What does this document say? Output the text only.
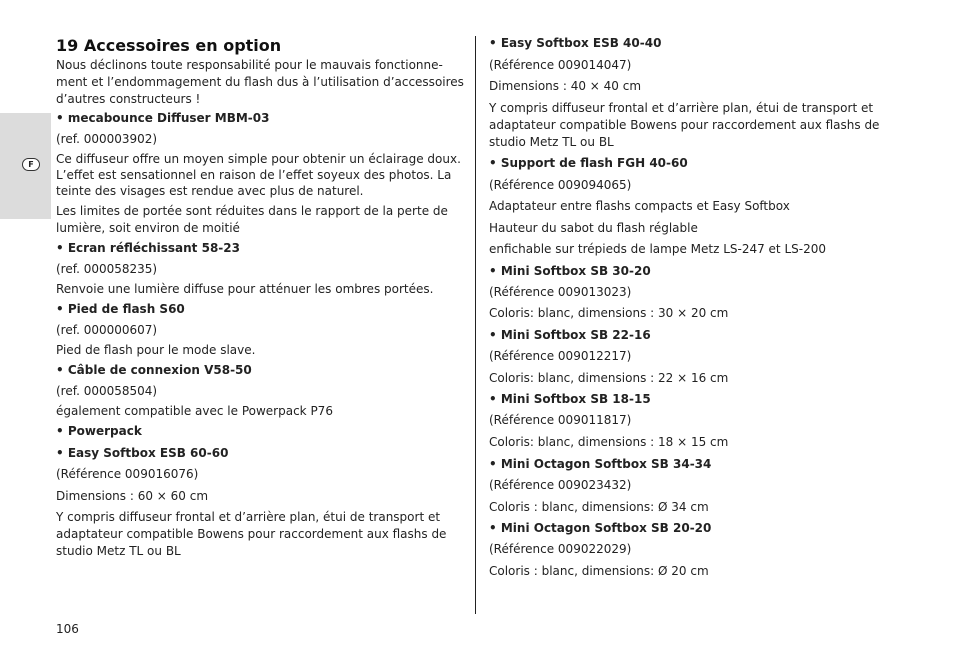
F
19 Accessoires en option
Nous déclinons toute responsabilité pour le mauvais fonctionne-
ment et l’endommagement du flash dus à l’utilisation d’accessoires
d’autres constructeurs !
• mecabounce Diffuser MBM-03
(ref. 000003902)
Ce diffuseur offre un moyen simple pour obtenir un éclairage doux.
L’effet est sensationnel en raison de l’effet soyeux des photos. La
teinte des visages est rendue avec plus de naturel.
Les limites de portée sont réduites dans le rapport de la perte de
lumière, soit environ de moitié
• Ecran réfléchissant 58-23
(ref. 000058235)
Renvoie une lumière diffuse pour atténuer les ombres portées.
• Pied de flash S60
(ref. 000000607)
Pied de flash pour le mode slave.
• Câble de connexion V58-50
(ref. 000058504)
également compatible avec le Powerpack P76
• Powerpack
• Easy Softbox ESB 60-60
(Référence 009016076)
Dimensions : 60 × 60 cm
Y compris diffuseur frontal et d’arrière plan, étui de transport et
adaptateur compatible Bowens pour raccordement aux flashs de
studio Metz TL ou BL
• Easy Softbox ESB 40-40
(Référence 009014047)
Dimensions : 40 × 40 cm
Y compris diffuseur frontal et d’arrière plan, étui de transport et
adaptateur compatible Bowens pour raccordement aux flashs de
studio Metz TL ou BL
• Support de flash FGH 40-60
(Référence 009094065)
Adaptateur entre flashs compacts et Easy Softbox
Hauteur du sabot du flash réglable
enfichable sur trépieds de lampe Metz LS-247 et LS-200
• Mini Softbox SB 30-20
(Référence 009013023)
Coloris: blanc, dimensions : 30 × 20 cm
• Mini Softbox SB 22-16
(Référence 009012217)
Coloris: blanc, dimensions : 22 × 16 cm
• Mini Softbox SB 18-15
(Référence 009011817)
Coloris: blanc, dimensions : 18 × 15 cm
• Mini Octagon Softbox SB 34-34
(Référence 009023432)
Coloris : blanc, dimensions: Ø 34 cm
• Mini Octagon Softbox SB 20-20
(Référence 009022029)
Coloris : blanc, dimensions: Ø 20 cm
106
